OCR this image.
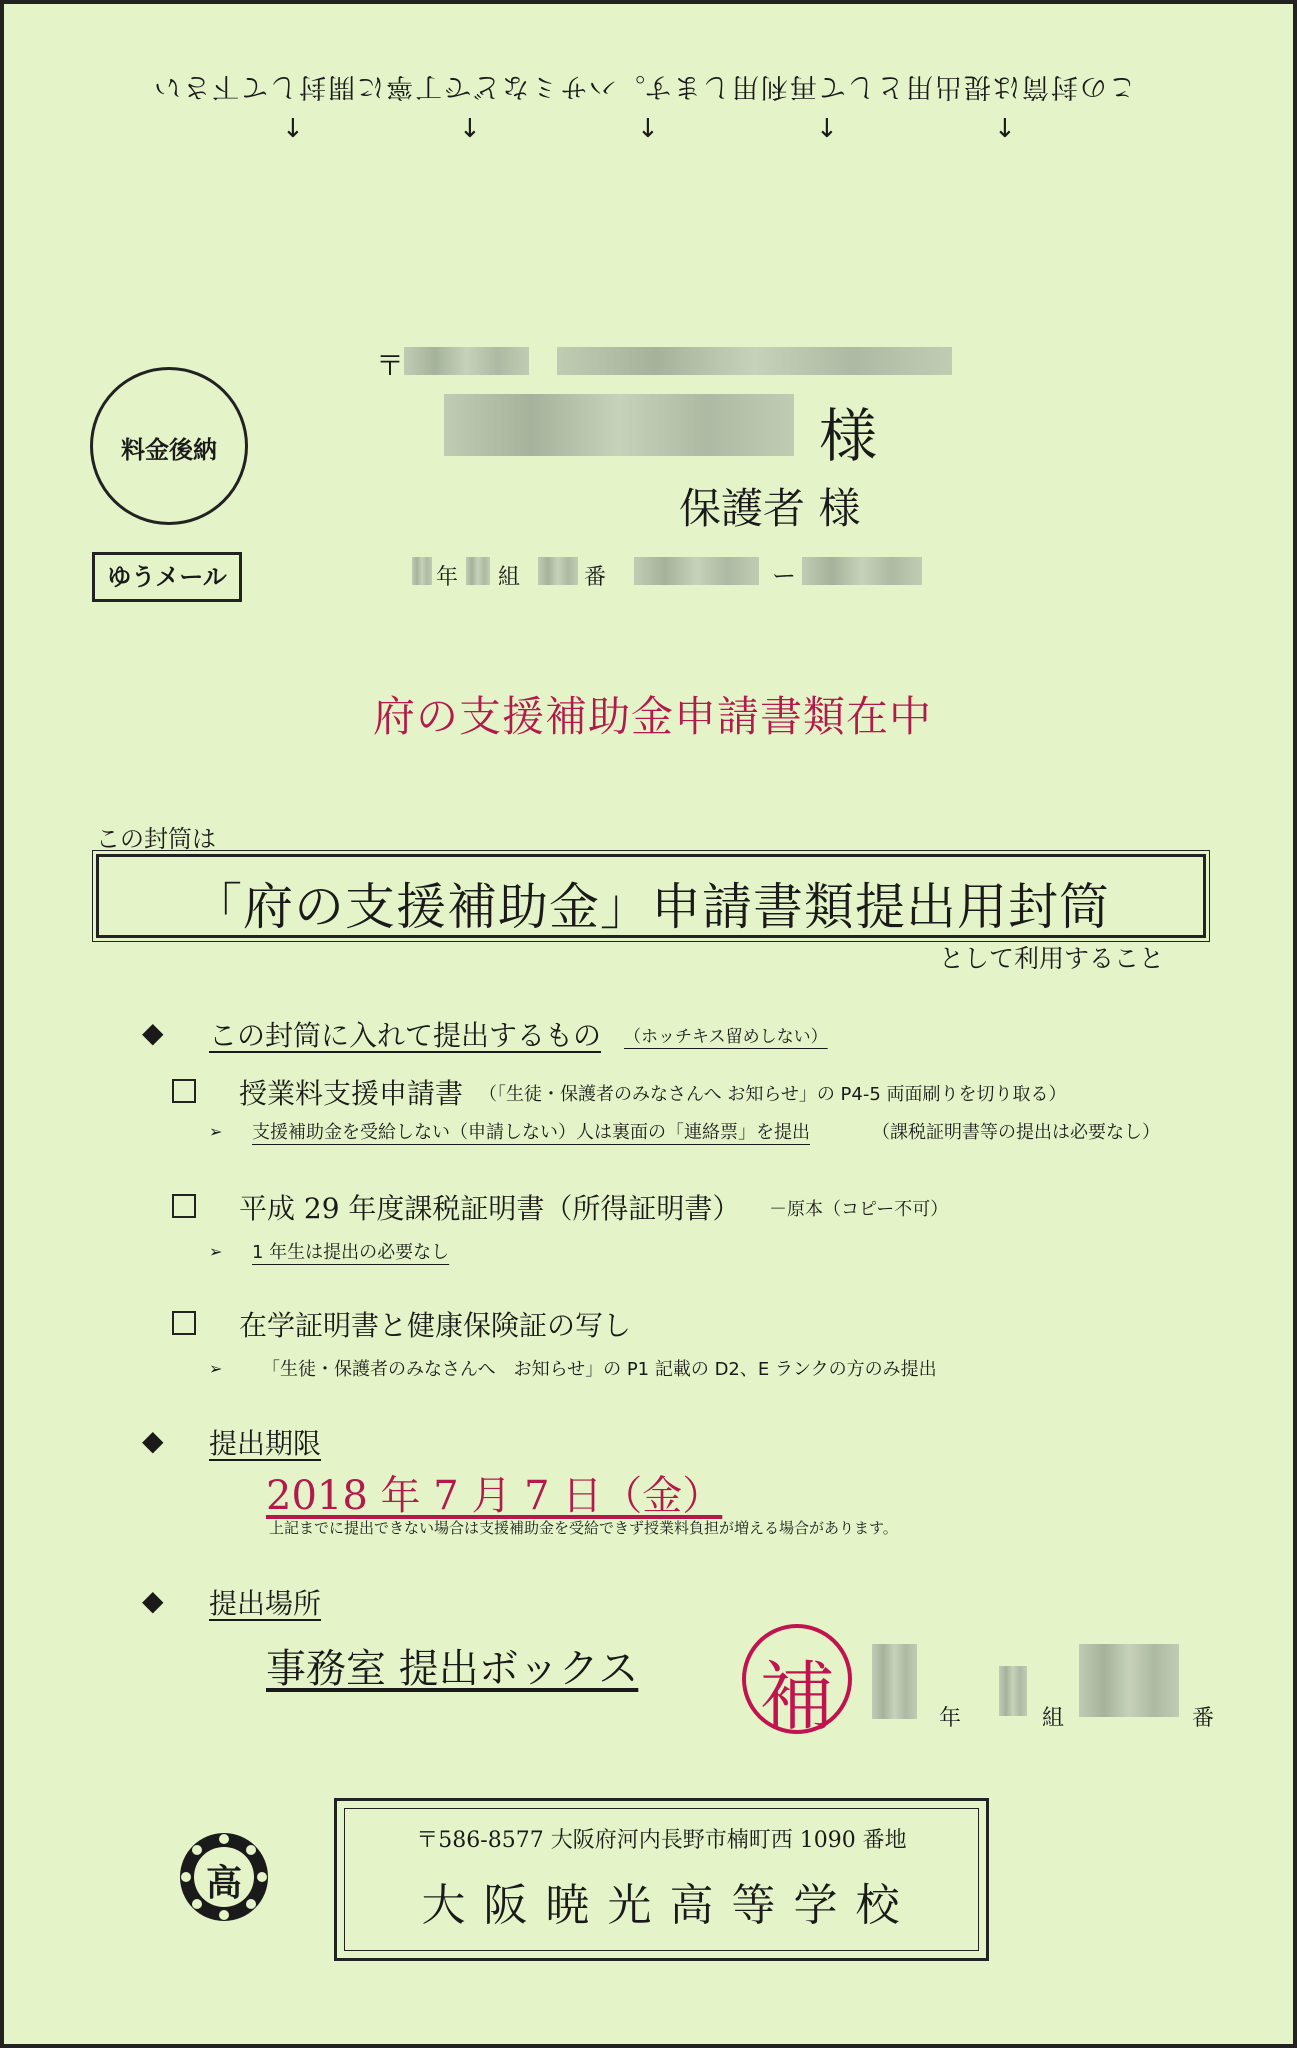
この封筒は提出用として再利用します。ハサミなどで丁寧に開封して下さい
↓	↓	↓	↓	↓
料金後納
ゆうメール
〒
様
保護者 様
年 組	番	ー
府の支援補助金申請書類在中
この封筒は
「府の支援補助金」申請書類提出用封筒
として利用すること
◆ この封筒に入れて提出するもの （ホッチキス留めしない）
授業料支援申請書 （「生徒・保護者のみなさんへ お知らせ」の P4-5 両面刷りを切り取る）
➢ 支援補助金を受給しない（申請しない）人は裏面の「連絡票」を提出	（課税証明書等の提出は必要なし）
平成 29 年度課税証明書（所得証明書） －原本（コピー不可）
➢ 1 年生は提出の必要なし
在学証明書と健康保険証の写し
➢ 「生徒・保護者のみなさんへ　お知らせ」の P1 記載の D2、E ランクの方のみ提出
◆ 提出期限
2018 年 7 月 7 日（金）
上記までに提出できない場合は支援補助金を受給できず授業料負担が増える場合があります。
◆ 提出場所
事務室 提出ボックス 補	年	組	番
高
〒586-8577 大阪府河内長野市楠町西 1090 番地
大 阪 暁 光 高 等 学 校
